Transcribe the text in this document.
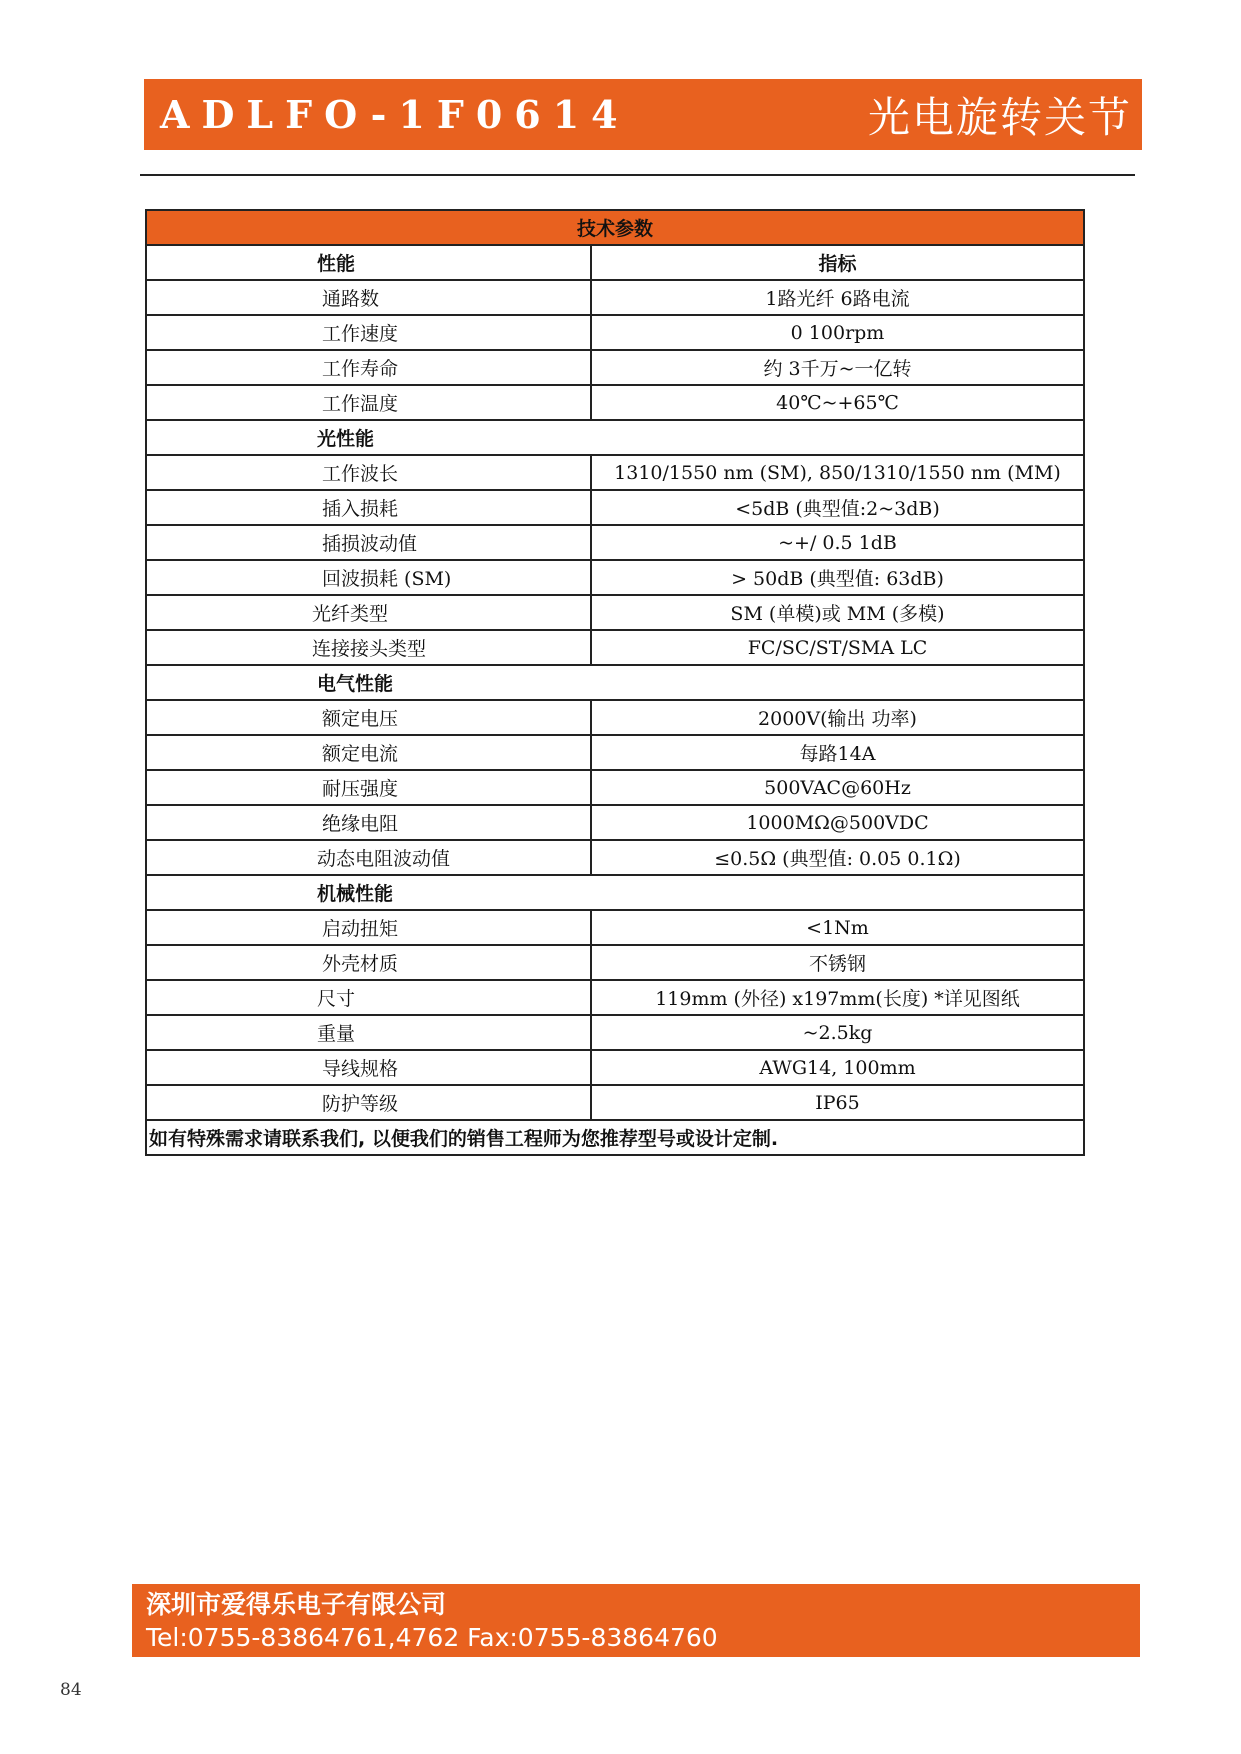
ADLFO-1F0614	光电旋转关节
技术参数	
性能	指标
通路数	1路光纤 6路电流
工作速度	0 100rpm
工作寿命	约 3千万~一亿转
工作温度	40℃~+65℃
光性能	
工作波长	1310/1550 nm (SM), 850/1310/1550 nm (MM)
插入损耗	<5dB (典型值:2~3dB)
插损波动值	~+/ 0.5 1dB
回波损耗 (SM)	> 50dB (典型值: 63dB)
光纤类型	SM (单模)或 MM (多模)
连接接头类型	FC/SC/ST/SMA LC
电气性能	
额定电压	2000V(输出 功率)
额定电流	每路14A
耐压强度	500VAC@60Hz
绝缘电阻	1000MΩ@500VDC
动态电阻波动值	≤0.5Ω (典型值: 0.05 0.1Ω)
机械性能	
启动扭矩	<1Nm
外壳材质	不锈钢
尺寸	119mm (外径) x197mm(长度) *详见图纸
重量	~2.5kg
导线规格	AWG14, 100mm
防护等级	IP65
如有特殊需求请联系我们, 以便我们的销售工程师为您推荐型号或设计定制.	
深圳市爱得乐电子有限公司
Tel:0755-83864761,4762 Fax:0755-83864760
84
